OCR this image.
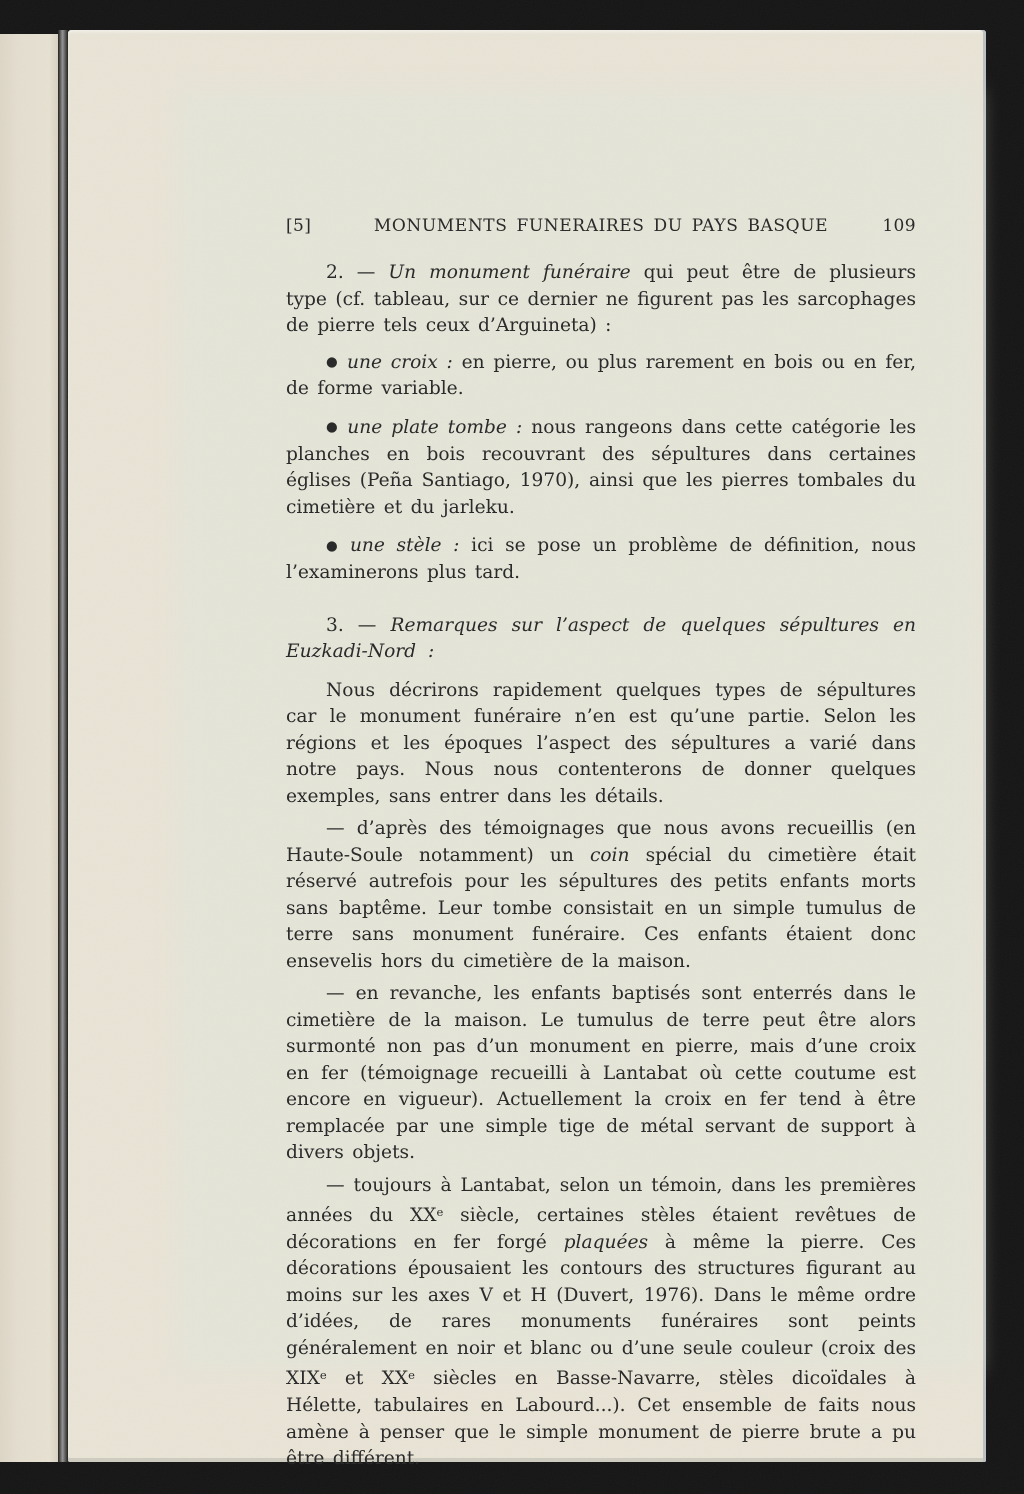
[5]	MONUMENTS FUNERAIRES DU PAYS BASQUE	109

2. — Un monument funéraire qui peut être de plusieurs type (cf. tableau, sur ce dernier ne figurent pas les sarcophages de pierre tels ceux d’Arguineta) :

● une croix : en pierre, ou plus rarement en bois ou en fer, de forme variable.

● une plate tombe : nous rangeons dans cette catégorie les planches en bois recouvrant des sépultures dans certaines églises (Peña Santiago, 1970), ainsi que les pierres tombales du cimetière et du jarleku.

● une stèle : ici se pose un problème de définition, nous l’examinerons plus tard.

3. — Remarques sur l’aspect de quelques sépultures en Euzkadi-Nord :

Nous décrirons rapidement quelques types de sépultures car le monument funéraire n’en est qu’une partie. Selon les régions et les époques l’aspect des sépultures a varié dans notre pays. Nous nous contenterons de donner quelques exemples, sans entrer dans les détails.

— d’après des témoignages que nous avons recueillis (en Haute-Soule notamment) un coin spécial du cimetière était réservé autrefois pour les sépultures des petits enfants morts sans baptême. Leur tombe consistait en un simple tumulus de terre sans monument funéraire. Ces enfants étaient donc ensevelis hors du cimetière de la maison.

— en revanche, les enfants baptisés sont enterrés dans le cimetière de la maison. Le tumulus de terre peut être alors surmonté non pas d’un monument en pierre, mais d’une croix en fer (témoignage recueilli à Lantabat où cette coutume est encore en vigueur). Actuellement la croix en fer tend à être remplacée par une simple tige de métal servant de support à divers objets.

— toujours à Lantabat, selon un témoin, dans les premières années du XXe siècle, certaines stèles étaient revêtues de décorations en fer forgé plaquées à même la pierre. Ces décorations épousaient les contours des structures figurant au moins sur les axes V et H (Duvert, 1976). Dans le même ordre d’idées, de rares monuments funéraires sont peints généralement en noir et blanc ou d’une seule couleur (croix des XIXe et XXe siècles en Basse-Navarre, stèles dicoïdales à Hélette, tabulaires en Labourd...). Cet ensemble de faits nous amène à penser que le simple monument de pierre brute a pu être différent.
